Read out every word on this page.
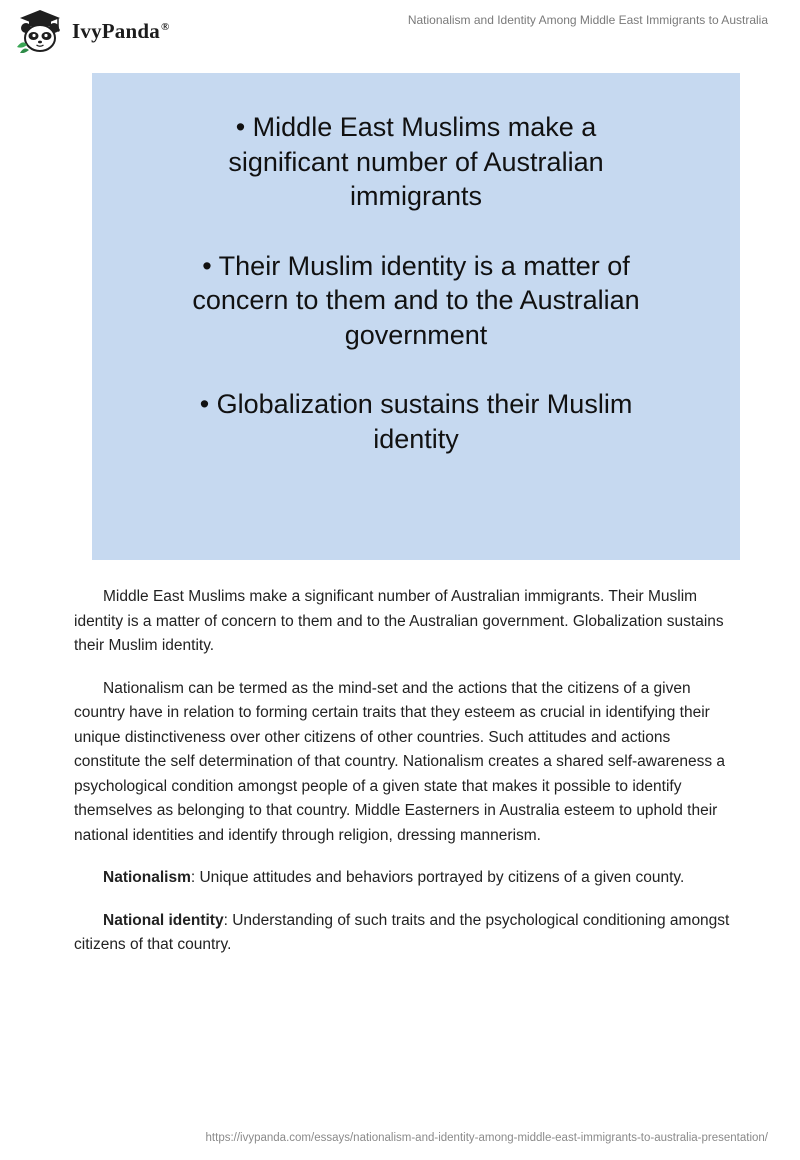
IvyPanda®	Nationalism and Identity Among Middle East Immigrants to Australia
• Middle East Muslims make a significant number of Australian immigrants
• Their Muslim identity is a matter of concern to them and to the Australian government
• Globalization sustains their Muslim identity

Middle East Muslims make a significant number of Australian immigrants. Their Muslim identity is a matter of concern to them and to the Australian government. Globalization sustains their Muslim identity.

Nationalism can be termed as the mind-set and the actions that the citizens of a given country have in relation to forming certain traits that they esteem as crucial in identifying their unique distinctiveness over other citizens of other countries. Such attitudes and actions constitute the self determination of that country. Nationalism creates a shared self-awareness a psychological condition amongst people of a given state that makes it possible to identify themselves as belonging to that country. Middle Easterners in Australia esteem to uphold their national identities and identify through religion, dressing mannerism.

Nationalism: Unique attitudes and behaviors portrayed by citizens of a given county.

National identity: Understanding of such traits and the psychological conditioning amongst citizens of that country.

https://ivypanda.com/essays/nationalism-and-identity-among-middle-east-immigrants-to-australia-presentation/
